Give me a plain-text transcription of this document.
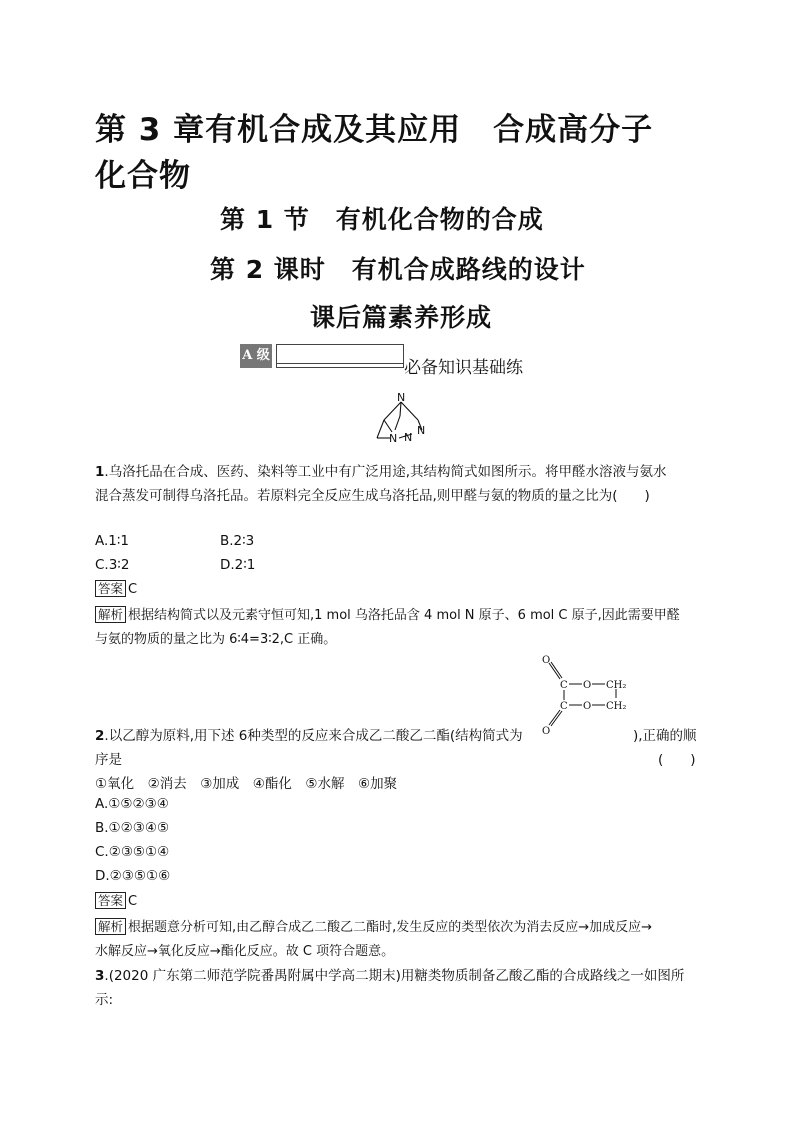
第 3 章有机合成及其应用　合成高分子
化合物
第 1 节　有机化合物的合成
第 2 课时　有机合成路线的设计
课后篇素养形成
A 级
必备知识基础练
N
N
N N
1.乌洛托品在合成、医药、染料等工业中有广泛用途,其结构简式如图所示。将甲醛水溶液与氨水
混合蒸发可制得乌洛托品。若原料完全反应生成乌洛托品,则甲醛与氨的物质的量之比为(　　)
A.1∶1	B.2∶3
C.3∶2	D.2∶1
答案 C
解析 根据结构简式以及元素守恒可知,1 mol 乌洛托品含 4 mol N 原子、6 mol C 原子,因此需要甲醛
与氨的物质的量之比为 6∶4=3∶2,C 正确。
O
C O CH₂
C O CH₂
O
2.以乙醇为原料,用下述 6种类型的反应来合成乙二酸乙二酯(结构简式为	),正确的顺
序是	(　　)
①氧化　②消去　③加成　④酯化　⑤水解　⑥加聚
A.①⑤②③④
B.①②③④⑤
C.②③⑤①④
D.②③⑤①⑥
答案 C
解析 根据题意分析可知,由乙醇合成乙二酸乙二酯时,发生反应的类型依次为消去反应→加成反应→
水解反应→氧化反应→酯化反应。故 C 项符合题意。
3.(2020 广东第二师范学院番禺附属中学高二期末)用糖类物质制备乙酸乙酯的合成路线之一如图所
示:
